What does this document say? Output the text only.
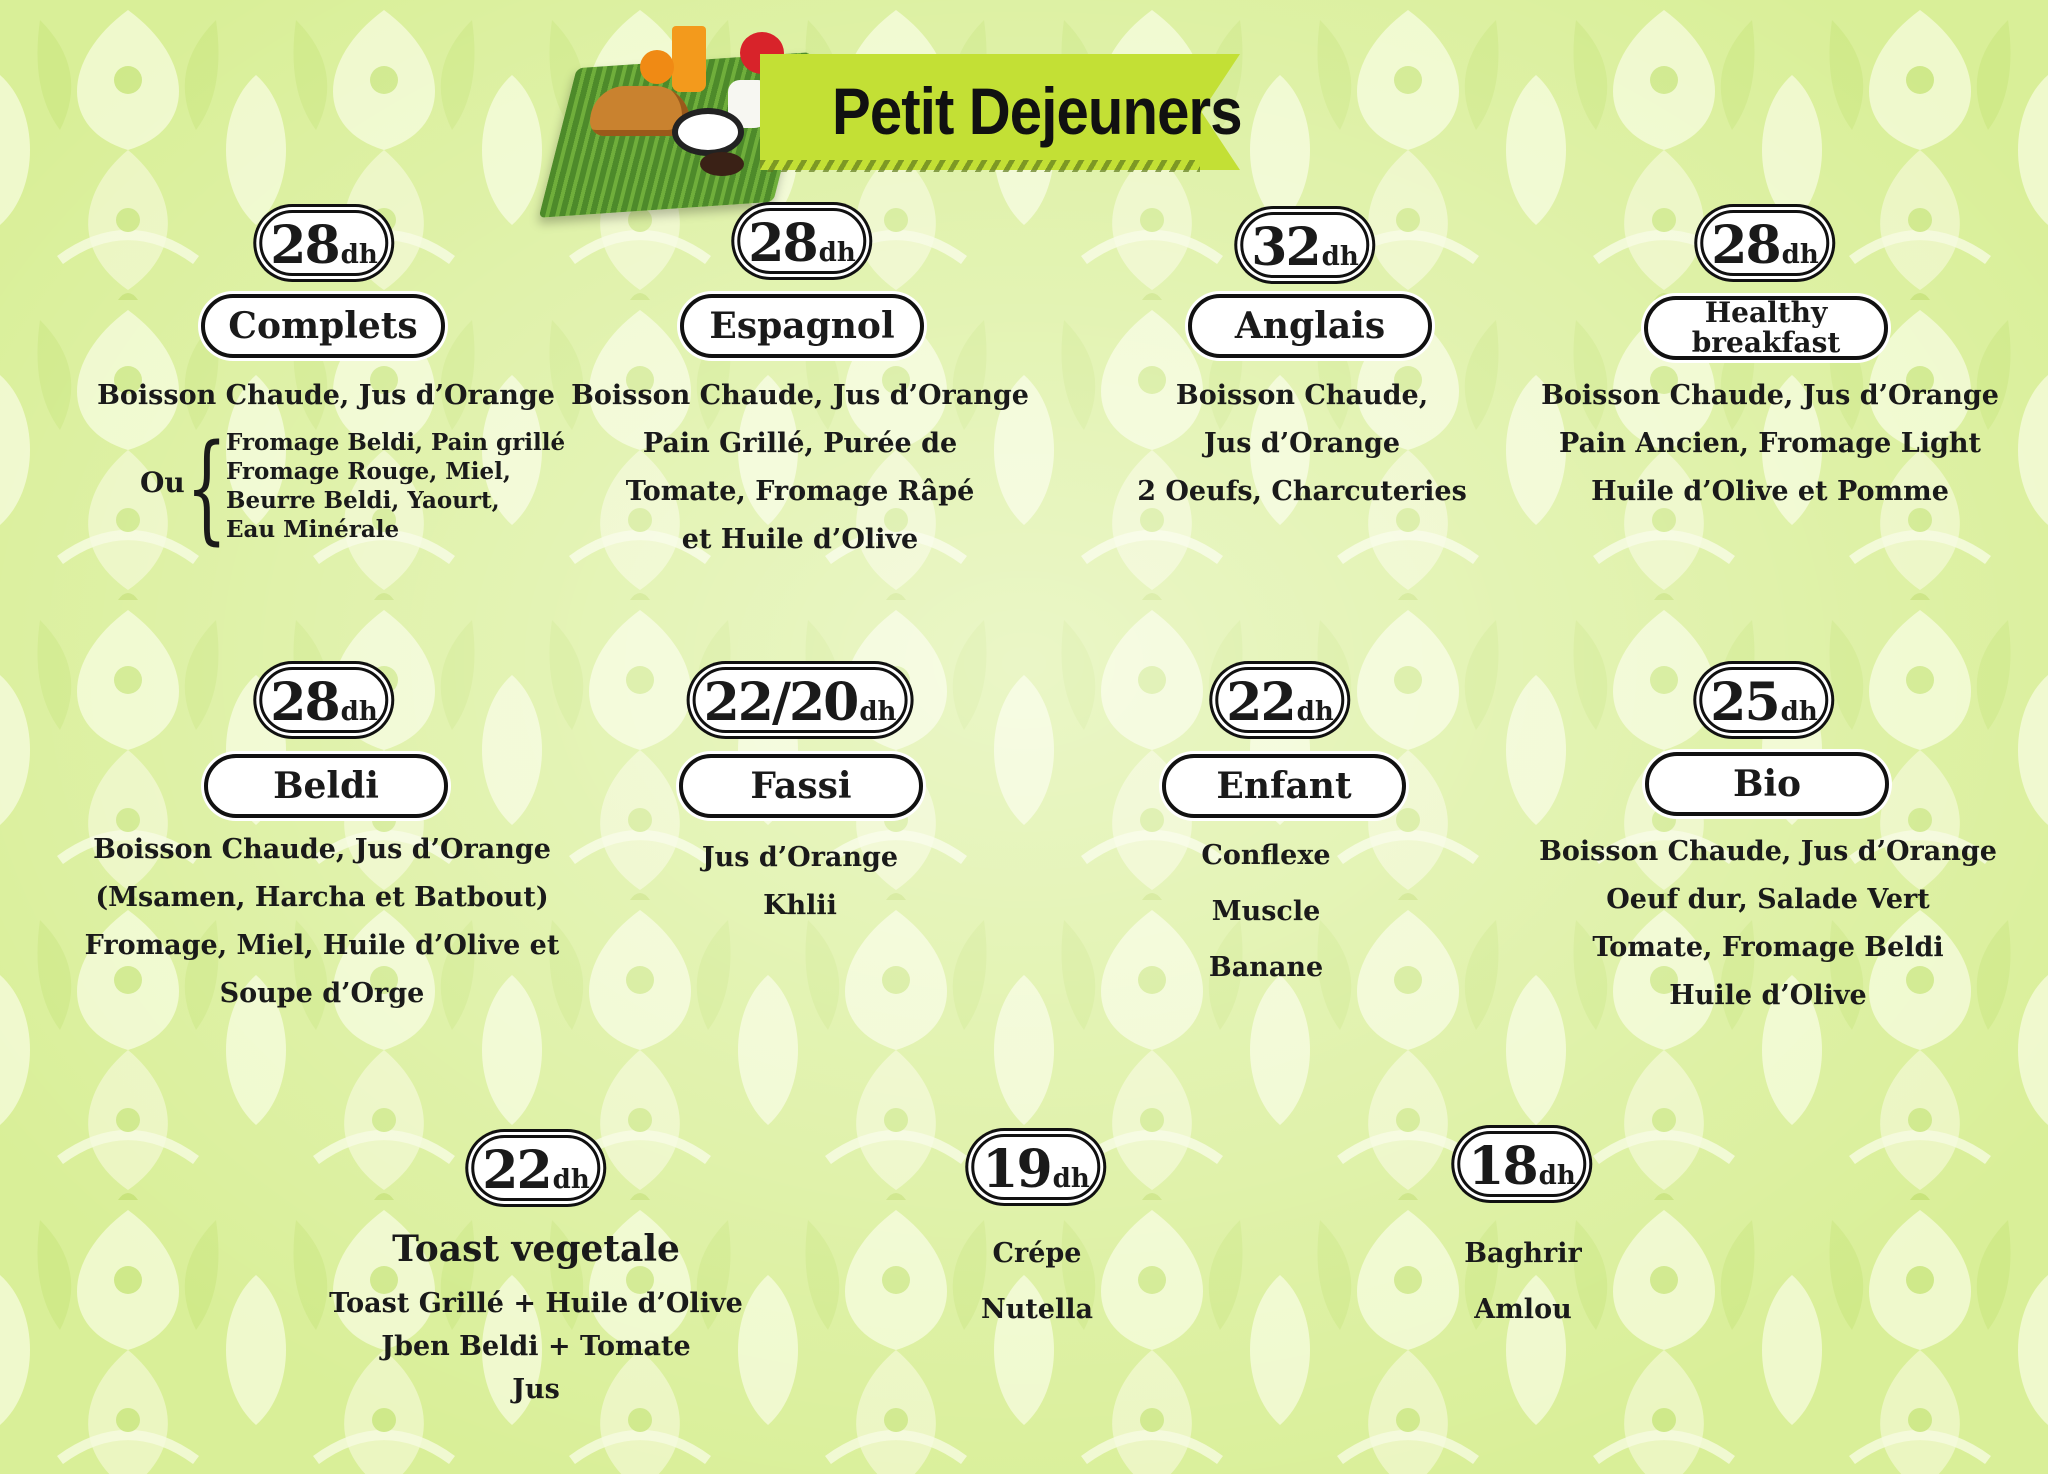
Petit Dejeuners
28 dh
Complets
Boisson Chaude, Jus d’Orange
Ou {
Fromage Beldi, Pain grillé
Fromage Rouge, Miel,
Beurre Beldi, Yaourt,
Eau Minérale
28 dh
Espagnol
Boisson Chaude, Jus d’Orange
Pain Grillé, Purée de
Tomate, Fromage Râpé
et Huile d’Olive
32 dh
Anglais
Boisson Chaude,
Jus d’Orange
2 Oeufs, Charcuteries
28 dh
Healthy
breakfast
Boisson Chaude, Jus d’Orange
Pain Ancien, Fromage Light
Huile d’Olive et Pomme
28 dh
Beldi
Boisson Chaude, Jus d’Orange
(Msamen, Harcha et Batbout)
Fromage, Miel, Huile d’Olive et
Soupe d’Orge
22/20 dh
Fassi
Jus d’Orange
Khlii
22 dh
Enfant
Conflexe
Muscle
Banane
25 dh
Bio
Boisson Chaude, Jus d’Orange
Oeuf dur, Salade Vert
Tomate, Fromage Beldi
Huile d’Olive
22 dh
Toast vegetale
Toast Grillé + Huile d’Olive
Jben Beldi + Tomate
Jus
19 dh
Crépe
Nutella
18 dh
Baghrir
Amlou
